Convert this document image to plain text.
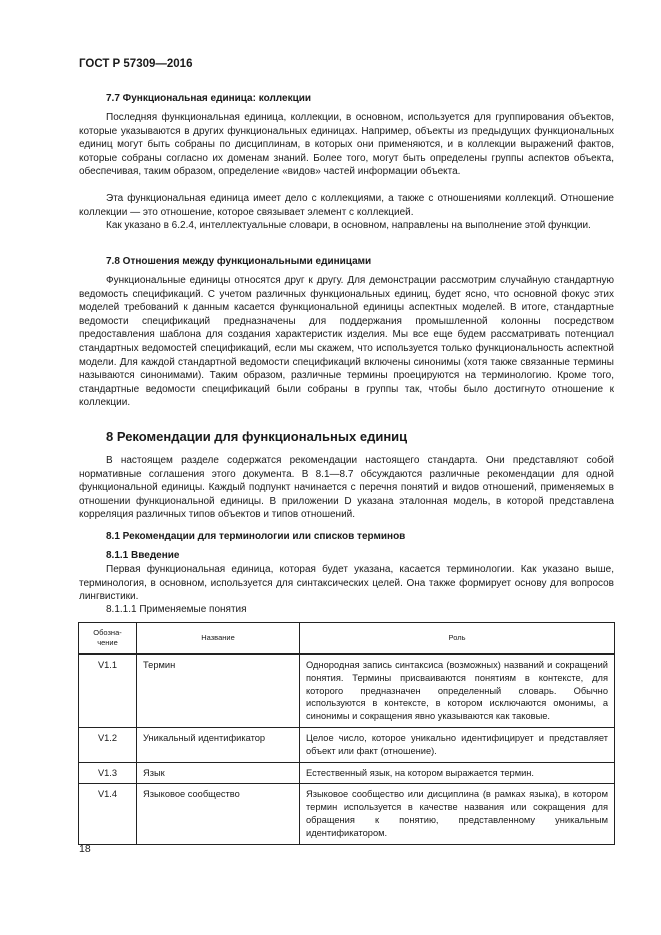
ГОСТ Р 57309—2016
7.7 Функциональная единица: коллекции

Последняя функциональная единица, коллекции, в основном, используется для группирования объектов, которые указываются в других функциональных единицах. Например, объекты из предыдущих функциональных единиц могут быть собраны по дисциплинам, в которых они применяются, и в коллекции выражений фактов, которые собраны согласно их доменам знаний. Более того, могут быть определены группы аспектов объекта, обеспечивая, таким образом, определение «видов» частей информации объекта.

Эта функциональная единица имеет дело с коллекциями, а также с отношениями коллекций. Отношение коллекции — это отношение, которое связывает элемент с коллекцией.

Как указано в 6.2.4, интеллектуальные словари, в основном, направлены на выполнение этой функции.

7.8 Отношения между функциональными единицами

Функциональные единицы относятся друг к другу. Для демонстрации рассмотрим случайную стандартную ведомость спецификаций. С учетом различных функциональных единиц, будет ясно, что основной фокус этих моделей требований к данным касается функциональной единицы аспектных моделей. В итоге, стандартные ведомости спецификаций предназначены для поддержания промышленной колонны посредством предоставления шаблона для создания характеристик изделия. Мы все еще будем рассматривать потенциал стандартных ведомостей спецификаций, если мы скажем, что используется только функциональность аспектной модели. Для каждой стандартной ведомости спецификаций включены синонимы (хотя также связанные термины называются синонимами). Таким образом, различные термины проецируются на терминологию. Кроме того, стандартные ведомости спецификаций были собраны в группы так, чтобы было достигнуто отношение к коллекции.

8 Рекомендации для функциональных единиц

В настоящем разделе содержатся рекомендации настоящего стандарта. Они представляют собой нормативные соглашения этого документа. В 8.1—8.7 обсуждаются различные рекомендации для одной функциональной единицы. Каждый подпункт начинается с перечня понятий и видов отношений, применяемых в отношении функциональной единицы. В приложении D указана эталонная модель, в которой представлена корреляция различных типов объектов и типов отношений.

8.1 Рекомендации для терминологии или списков терминов
8.1.1 Введение

Первая функциональная единица, которая будет указана, касается терминологии. Как указано выше, терминология, в основном, используется для синтаксических целей. Она также формирует основу для вопросов лингвистики.

8.1.1.1 Применяемые понятия
Обозна-чение	Название	Роль
V1.1	Термин	Однородная запись синтаксиса (возможных) названий и сокращений понятия. Термины присваиваются понятиям в контексте, для которого предназначен определенный словарь. Обычно используются в контексте, в котором исключаются омонимы, а синонимы и сокращения явно указываются как таковые.
V1.2	Уникальный идентификатор	Целое число, которое уникально идентифицирует и представляет объект или факт (отношение).
V1.3	Язык	Естественный язык, на котором выражается термин.
V1.4	Языковое сообщество	Языковое сообщество или дисциплина (в рамках языка), в котором термин используется в качестве названия или сокращения для обращения к понятию, представленному уникальным идентификатором.
18
